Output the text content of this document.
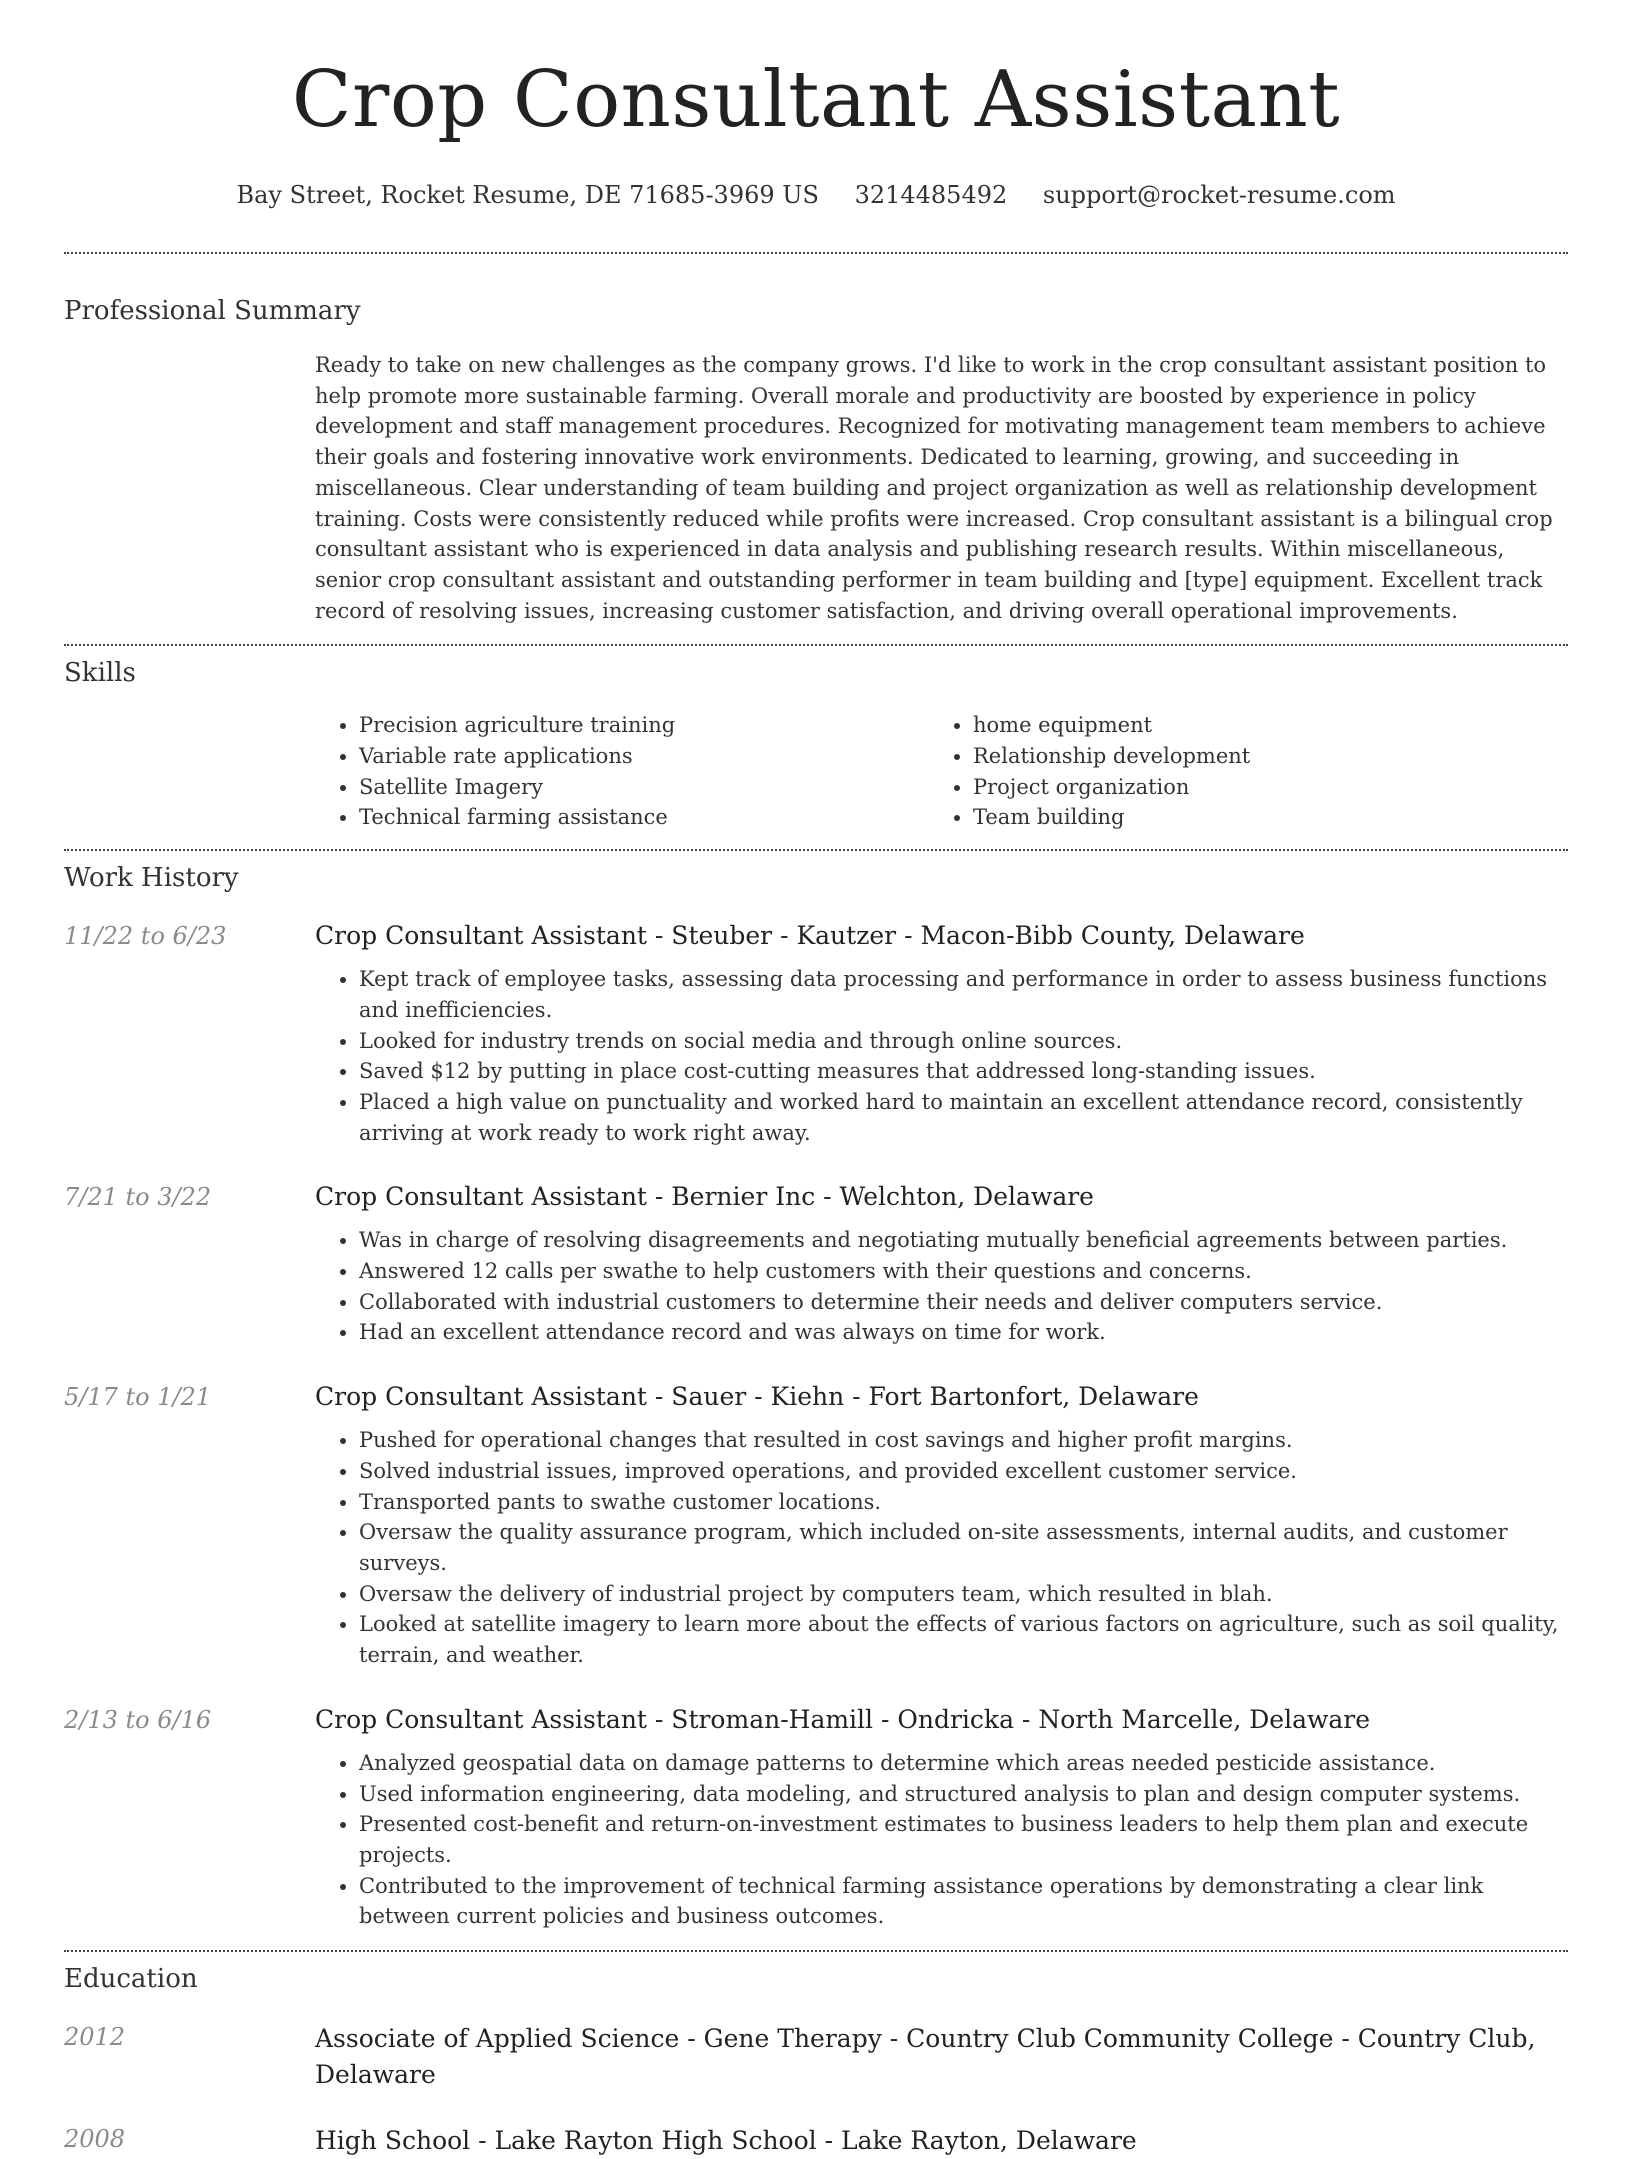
Crop Consultant Assistant
Bay Street, Rocket Resume, DE 71685-3969 US 3214485492 support@rocket-resume.com
Professional Summary

Ready to take on new challenges as the company grows. I'd like to work in the crop consultant assistant position to help promote more sustainable farming. Overall morale and productivity are boosted by experience in policy development and staff management procedures. Recognized for motivating management team members to achieve their goals and fostering innovative work environments. Dedicated to learning, growing, and succeeding in miscellaneous. Clear understanding of team building and project organization as well as relationship development training. Costs were consistently reduced while profits were increased. Crop consultant assistant is a bilingual crop consultant assistant who is experienced in data analysis and publishing research results. Within miscellaneous, senior crop consultant assistant and outstanding performer in team building and [type] equipment. Excellent track record of resolving issues, increasing customer satisfaction, and driving overall operational improvements.

Skills
• Precision agriculture training
• Variable rate applications
• Satellite Imagery
• Technical farming assistance
• home equipment
• Relationship development
• Project organization
• Team building
Work History
11/22 to 6/23	Crop Consultant Assistant - Steuber - Kautzer - Macon-Bibb County, Delaware
• Kept track of employee tasks, assessing data processing and performance in order to assess business functions and inefficiencies.
• Looked for industry trends on social media and through online sources.
• Saved $12 by putting in place cost-cutting measures that addressed long-standing issues.
• Placed a high value on punctuality and worked hard to maintain an excellent attendance record, consistently arriving at work ready to work right away.
7/21 to 3/22	Crop Consultant Assistant - Bernier Inc - Welchton, Delaware
• Was in charge of resolving disagreements and negotiating mutually beneficial agreements between parties.
• Answered 12 calls per swathe to help customers with their questions and concerns.
• Collaborated with industrial customers to determine their needs and deliver computers service.
• Had an excellent attendance record and was always on time for work.
5/17 to 1/21	Crop Consultant Assistant - Sauer - Kiehn - Fort Bartonfort, Delaware
• Pushed for operational changes that resulted in cost savings and higher profit margins.
• Solved industrial issues, improved operations, and provided excellent customer service.
• Transported pants to swathe customer locations.
• Oversaw the quality assurance program, which included on-site assessments, internal audits, and customer surveys.
• Oversaw the delivery of industrial project by computers team, which resulted in blah.
• Looked at satellite imagery to learn more about the effects of various factors on agriculture, such as soil quality, terrain, and weather.
2/13 to 6/16	Crop Consultant Assistant - Stroman-Hamill - Ondricka - North Marcelle, Delaware
• Analyzed geospatial data on damage patterns to determine which areas needed pesticide assistance.
• Used information engineering, data modeling, and structured analysis to plan and design computer systems.
• Presented cost-benefit and return-on-investment estimates to business leaders to help them plan and execute projects.
• Contributed to the improvement of technical farming assistance operations by demonstrating a clear link between current policies and business outcomes.
Education
2012	Associate of Applied Science - Gene Therapy - Country Club Community College - Country Club, Delaware
2008	High School - Lake Rayton High School - Lake Rayton, Delaware
